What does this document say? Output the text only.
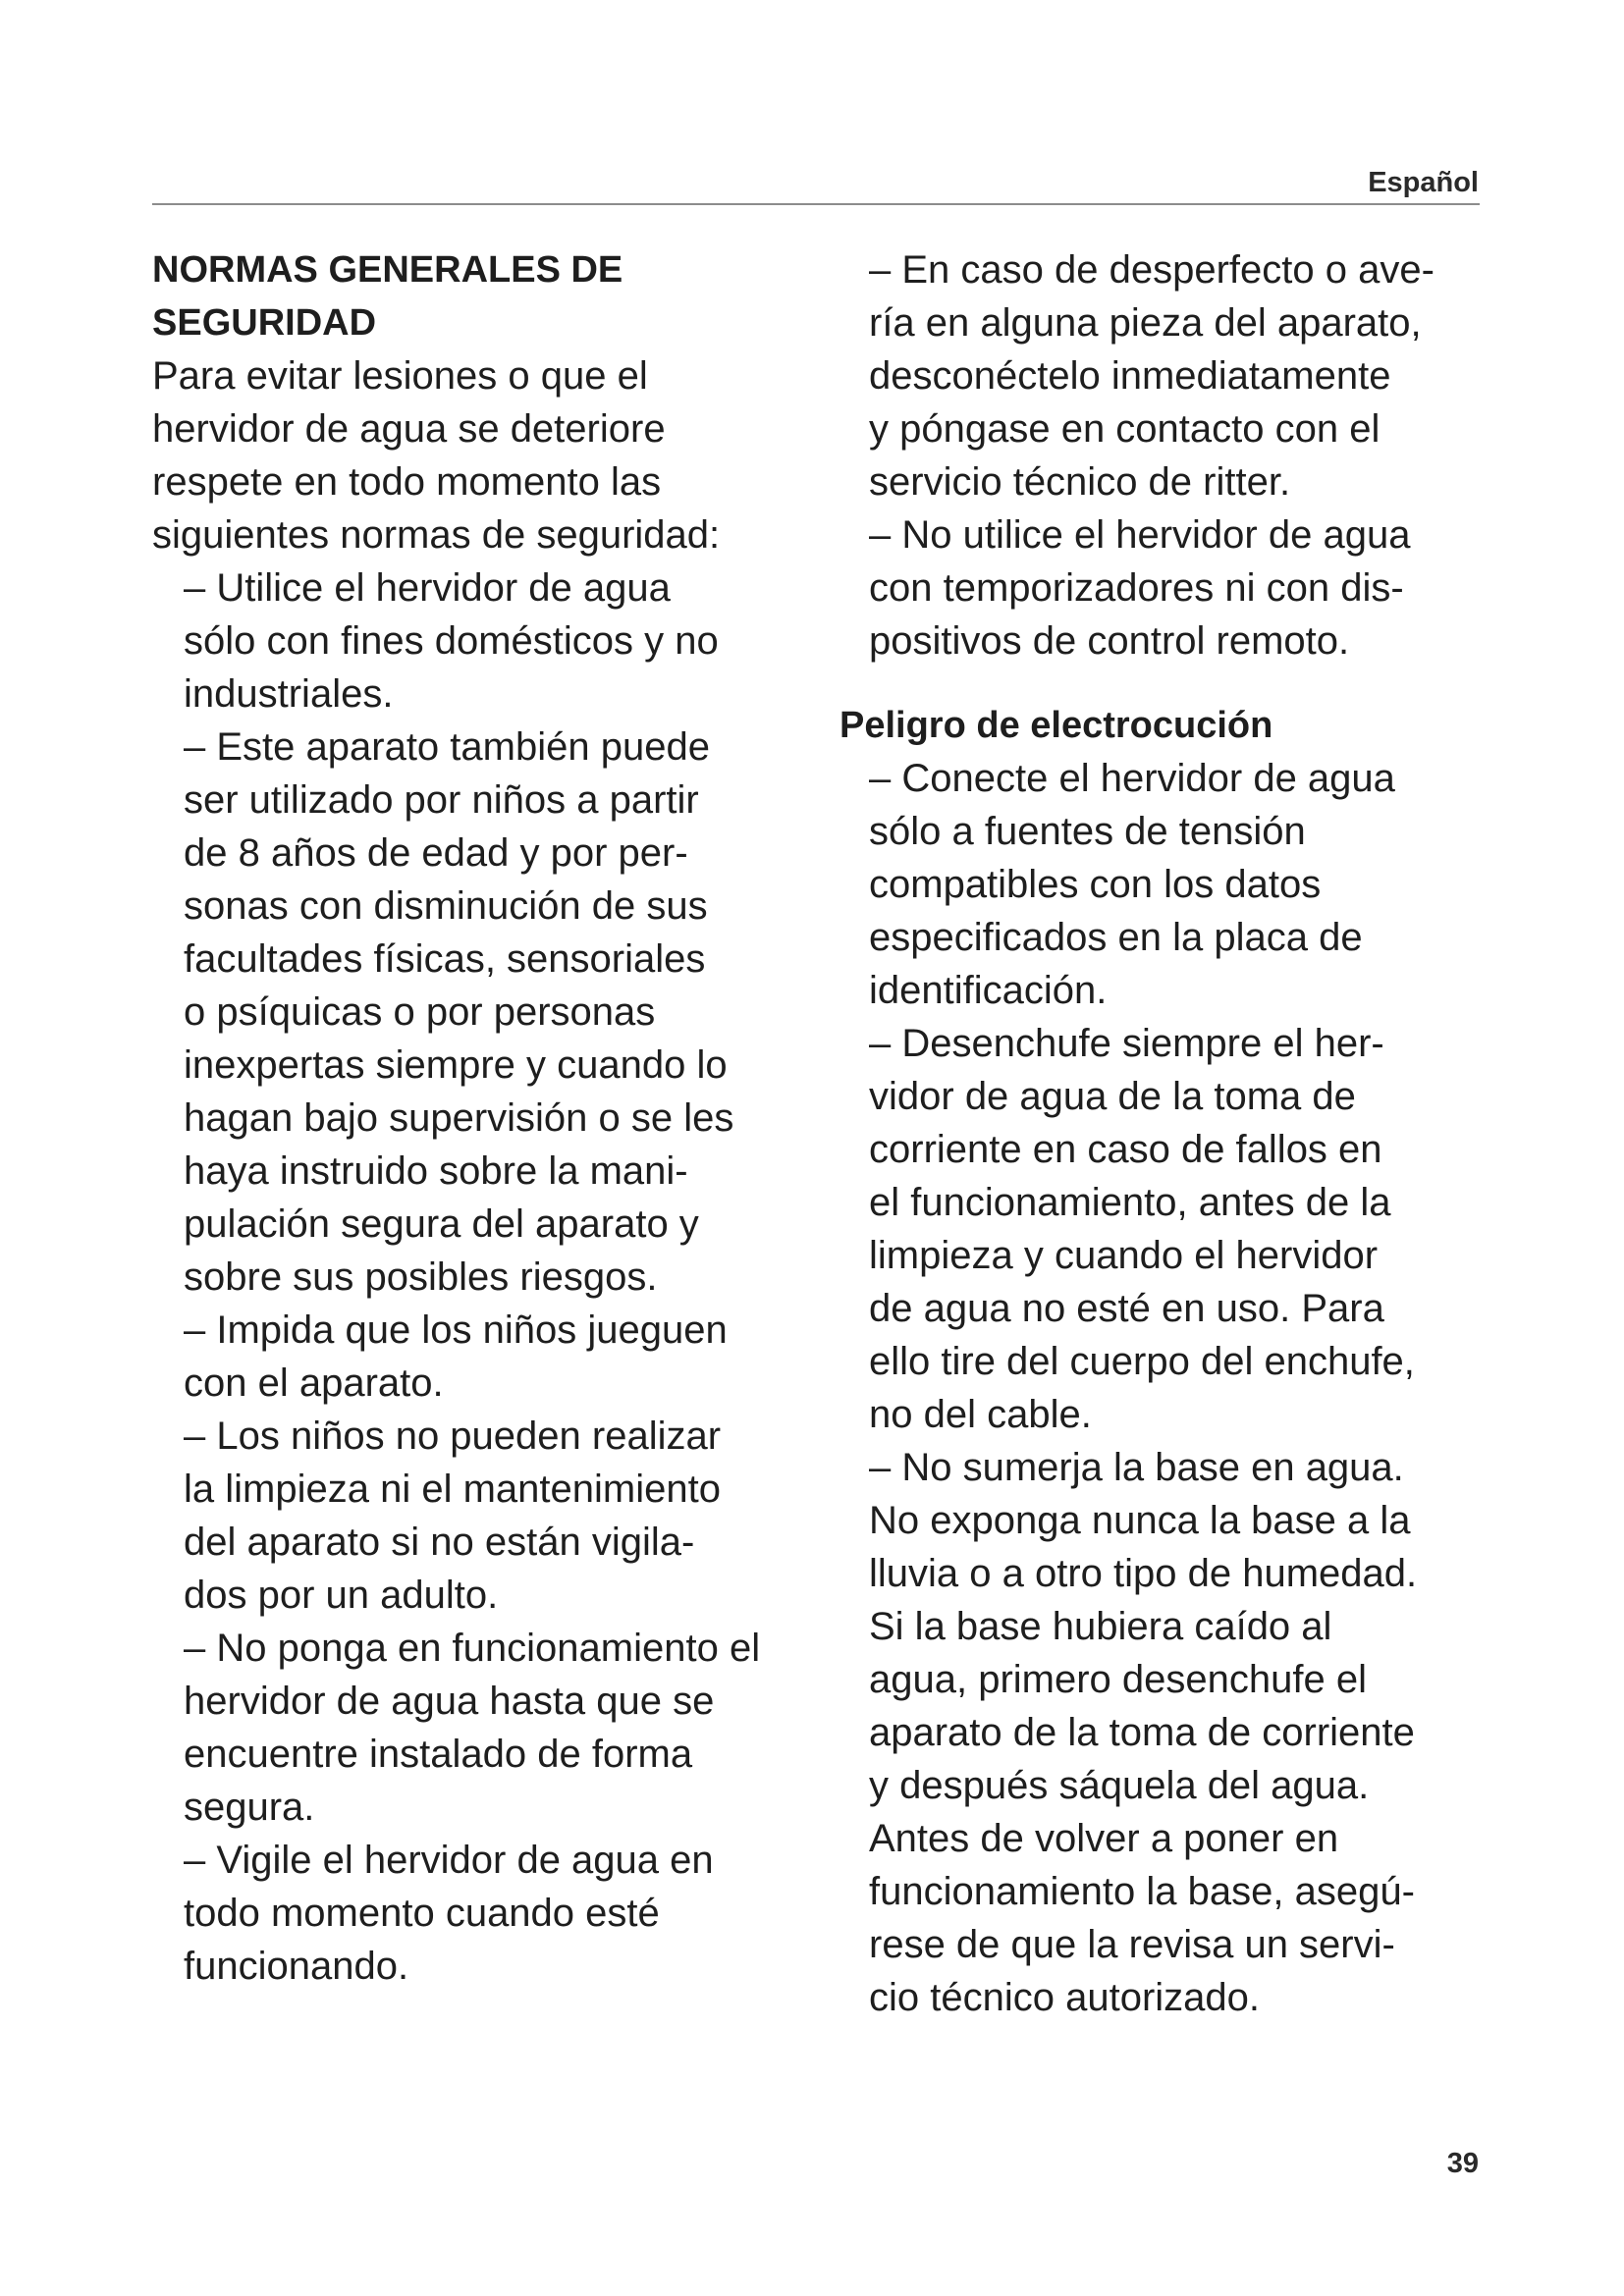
Español

NORMAS GENERALES DE

SEGURIDAD

Para evitar lesiones o que el

hervidor de agua se deteriore

respete en todo momento las

siguientes normas de seguridad:

– Utilice el hervidor de agua

sólo con fines domésticos y no

industriales.

– Este aparato también puede

ser utilizado por niños a partir

de 8 años de edad y por per-

sonas con disminución de sus

facultades físicas, sensoriales

o psíquicas o por personas

inexpertas siempre y cuando lo

hagan bajo supervisión o se les

haya instruido sobre la mani-

pulación segura del aparato y

sobre sus posibles riesgos.

– Impida que los niños jueguen

con el aparato.

– Los niños no pueden realizar

la limpieza ni el mantenimiento

del aparato si no están vigila-

dos por un adulto.

– No ponga en funcionamiento el

hervidor de agua hasta que se

encuentre instalado de forma

segura.

– Vigile el hervidor de agua en

todo momento cuando esté

funcionando.

– En caso de desperfecto o ave-

ría en alguna pieza del aparato,

desconéctelo inmediatamente

y póngase en contacto con el

servicio técnico de ritter.

– No utilice el hervidor de agua

con temporizadores ni con dis-

positivos de control remoto.

Peligro de electrocución

– Conecte el hervidor de agua

sólo a fuentes de tensión

compatibles con los datos

especificados en la placa de

identificación.

– Desenchufe siempre el her-

vidor de agua de la toma de

corriente en caso de fallos en

el funcionamiento, antes de la

limpieza y cuando el hervidor

de agua no esté en uso. Para

ello tire del cuerpo del enchufe,

no del cable.

– No sumerja la base en agua.

No exponga nunca la base a la

lluvia o a otro tipo de humedad.

Si la base hubiera caído al

agua, primero desenchufe el

aparato de la toma de corriente

y después sáquela del agua.

Antes de volver a poner en

funcionamiento la base, asegú-

rese de que la revisa un servi-

cio técnico autorizado.

39
